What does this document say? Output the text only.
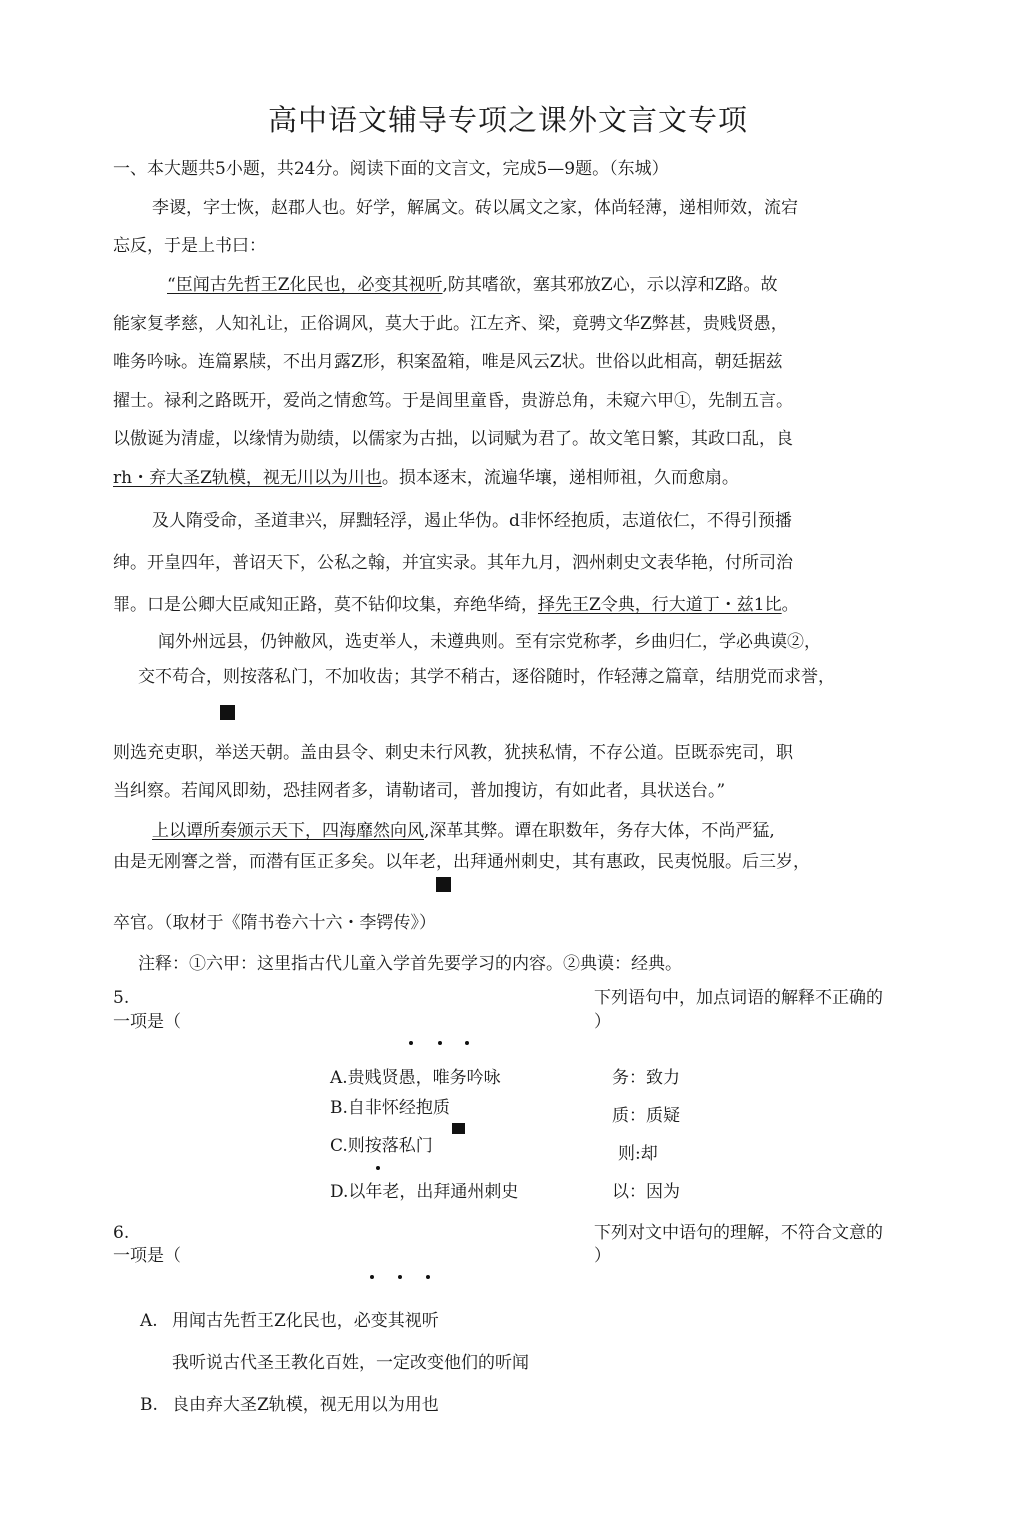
高中语文辅导专项之课外文言文专项
一、本大题共5小题，共24分。阅读下面的文言文，完成5—9题。（东城）
李谡，字士恢，赵郡人也。好学，解属文。砖以属文之家，体尚轻薄，递相师效，流宕
忘反，于是上书曰：
“臣闻古先哲王Z化民也，必变其视听,防其嗜欲，塞其邪放Z心，示以淳和Z路。故
能家复孝慈，人知礼让，正俗调风，莫大于此。江左齐、梁，竟骋文华Z弊甚，贵贱贤愚，
唯务吟咏。连篇累牍，不出月露Z形，积案盈箱，唯是风云Z状。世俗以此相高，朝廷据兹
擢士。禄利之路既开，爱尚之情愈笃。于是闾里童昏，贵游总角，未窥六甲①，先制五言。
以傲诞为清虚，以缘情为勋绩，以儒家为古拙，以词赋为君了。故文笔日繁，其政口乱，良
rh・弃大圣Z轨模，视无川以为川也。损本逐末，流遍华壤，递相师祖，久而愈扇。
及人隋受命，圣道聿兴，屏黜轻浮，遏止华伪。d非怀经抱质，志道依仁，不得引预播
绅。开皇四年，普诏天下，公私之翰，并宜实录。其年九月，泗州刺史文表华艳，付所司治
罪。口是公卿大臣咸知正路，莫不钻仰坟集，弃绝华绮，择先王Z令典，行大道丁・兹1比。
闻外州远县，仍钟敝风，选吏举人，未遵典则。至有宗党称孝，乡曲归仁，学必典谟②，
交不苟合，则按落私门，不加收齿；其学不稍古，逐俗随时，作轻薄之篇章，结朋党而求誉，
则选充吏职，举送天朝。盖由县令、刺史未行风教，犹挟私情，不存公道。臣既忝宪司，职
当纠察。若闻风即劾，恐挂网者多，请勒诸司，普加搜访，有如此者，具状送台。”
上以谭所奏颁示天下，四海靡然向风,深革其弊。谭在职数年，务存大体，不尚严猛,
由是无刚謇之誉，而潜有匡正多矣。以年老，出拜通州刺史，其有惠政，民夷悦服。后三岁，
卒官。（取材于《隋书卷六十六・李锷传》）
注释：①六甲：这里指古代儿童入学首先要学习的内容。②典谟：经典。
5.	下列语句中，加点词语的解释不正确的
一项是（	）
A.贵贱贤愚，唯务吟咏	务：致力
B.自非怀经抱质	质：质疑
C.则按落私门	则:却
D.以年老，出拜通州刺史	以：因为
6.	下列对文中语句的理解，不符合文意的
一项是（	）
A. 用闻古先哲王Z化民也，必变其视听
我听说古代圣王教化百姓，一定改变他们的听闻
B. 良由弃大圣Z轨模，视无用以为用也
